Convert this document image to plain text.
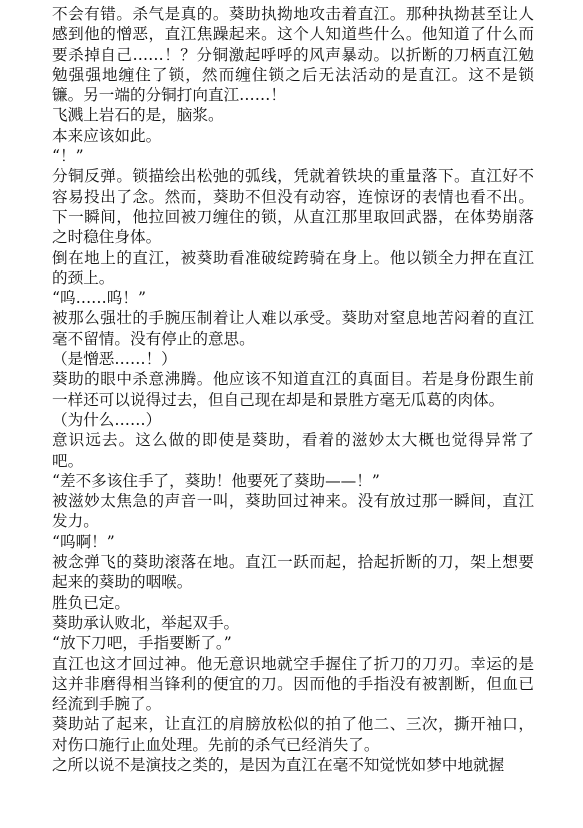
不会有错。杀气是真的。葵助执拗地攻击着直江。那种执拗甚至让人感到他的憎恶，直江焦躁起来。这个人知道些什么。他知道了什么而要杀掉自己……！？分铜激起呼呼的风声暴动。以折断的刀柄直江勉勉强强地缠住了锁，然而缠住锁之后无法活动的是直江。这不是锁镰。另一端的分铜打向直江……！

飞溅上岩石的是，脑浆。

本来应该如此。

“！”

分铜反弹。锁描绘出松弛的弧线，凭就着铁块的重量落下。直江好不容易投出了念。然而，葵助不但没有动容，连惊讶的表情也看不出。下一瞬间，他拉回被刀缠住的锁，从直江那里取回武器，在体势崩落之时稳住身体。

倒在地上的直江，被葵助看准破绽跨骑在身上。他以锁全力押在直江的颈上。

“呜……呜！”

被那么强壮的手腕压制着让人难以承受。葵助对窒息地苦闷着的直江毫不留情。没有停止的意思。

（是憎恶……！）

葵助的眼中杀意沸腾。他应该不知道直江的真面目。若是身份跟生前一样还可以说得过去，但自己现在却是和景胜方毫无瓜葛的肉体。

（为什么……）

意识远去。这么做的即使是葵助，看着的滋妙太大概也觉得异常了吧。

“差不多该住手了，葵助！他要死了葵助——！”

被滋妙太焦急的声音一叫，葵助回过神来。没有放过那一瞬间，直江发力。

“呜啊！”

被念弹飞的葵助滚落在地。直江一跃而起，拾起折断的刀，架上想要起来的葵助的咽喉。

胜负已定。

葵助承认败北，举起双手。

“放下刀吧，手指要断了。”

直江也这才回过神。他无意识地就空手握住了折刀的刀刃。幸运的是这并非磨得相当锋利的便宜的刀。因而他的手指没有被割断，但血已经流到手腕了。

葵助站了起来，让直江的肩膀放松似的拍了他二、三次，撕开袖口，对伤口施行止血处理。先前的杀气已经消失了。

之所以说不是演技之类的，是因为直江在毫不知觉恍如梦中地就握
